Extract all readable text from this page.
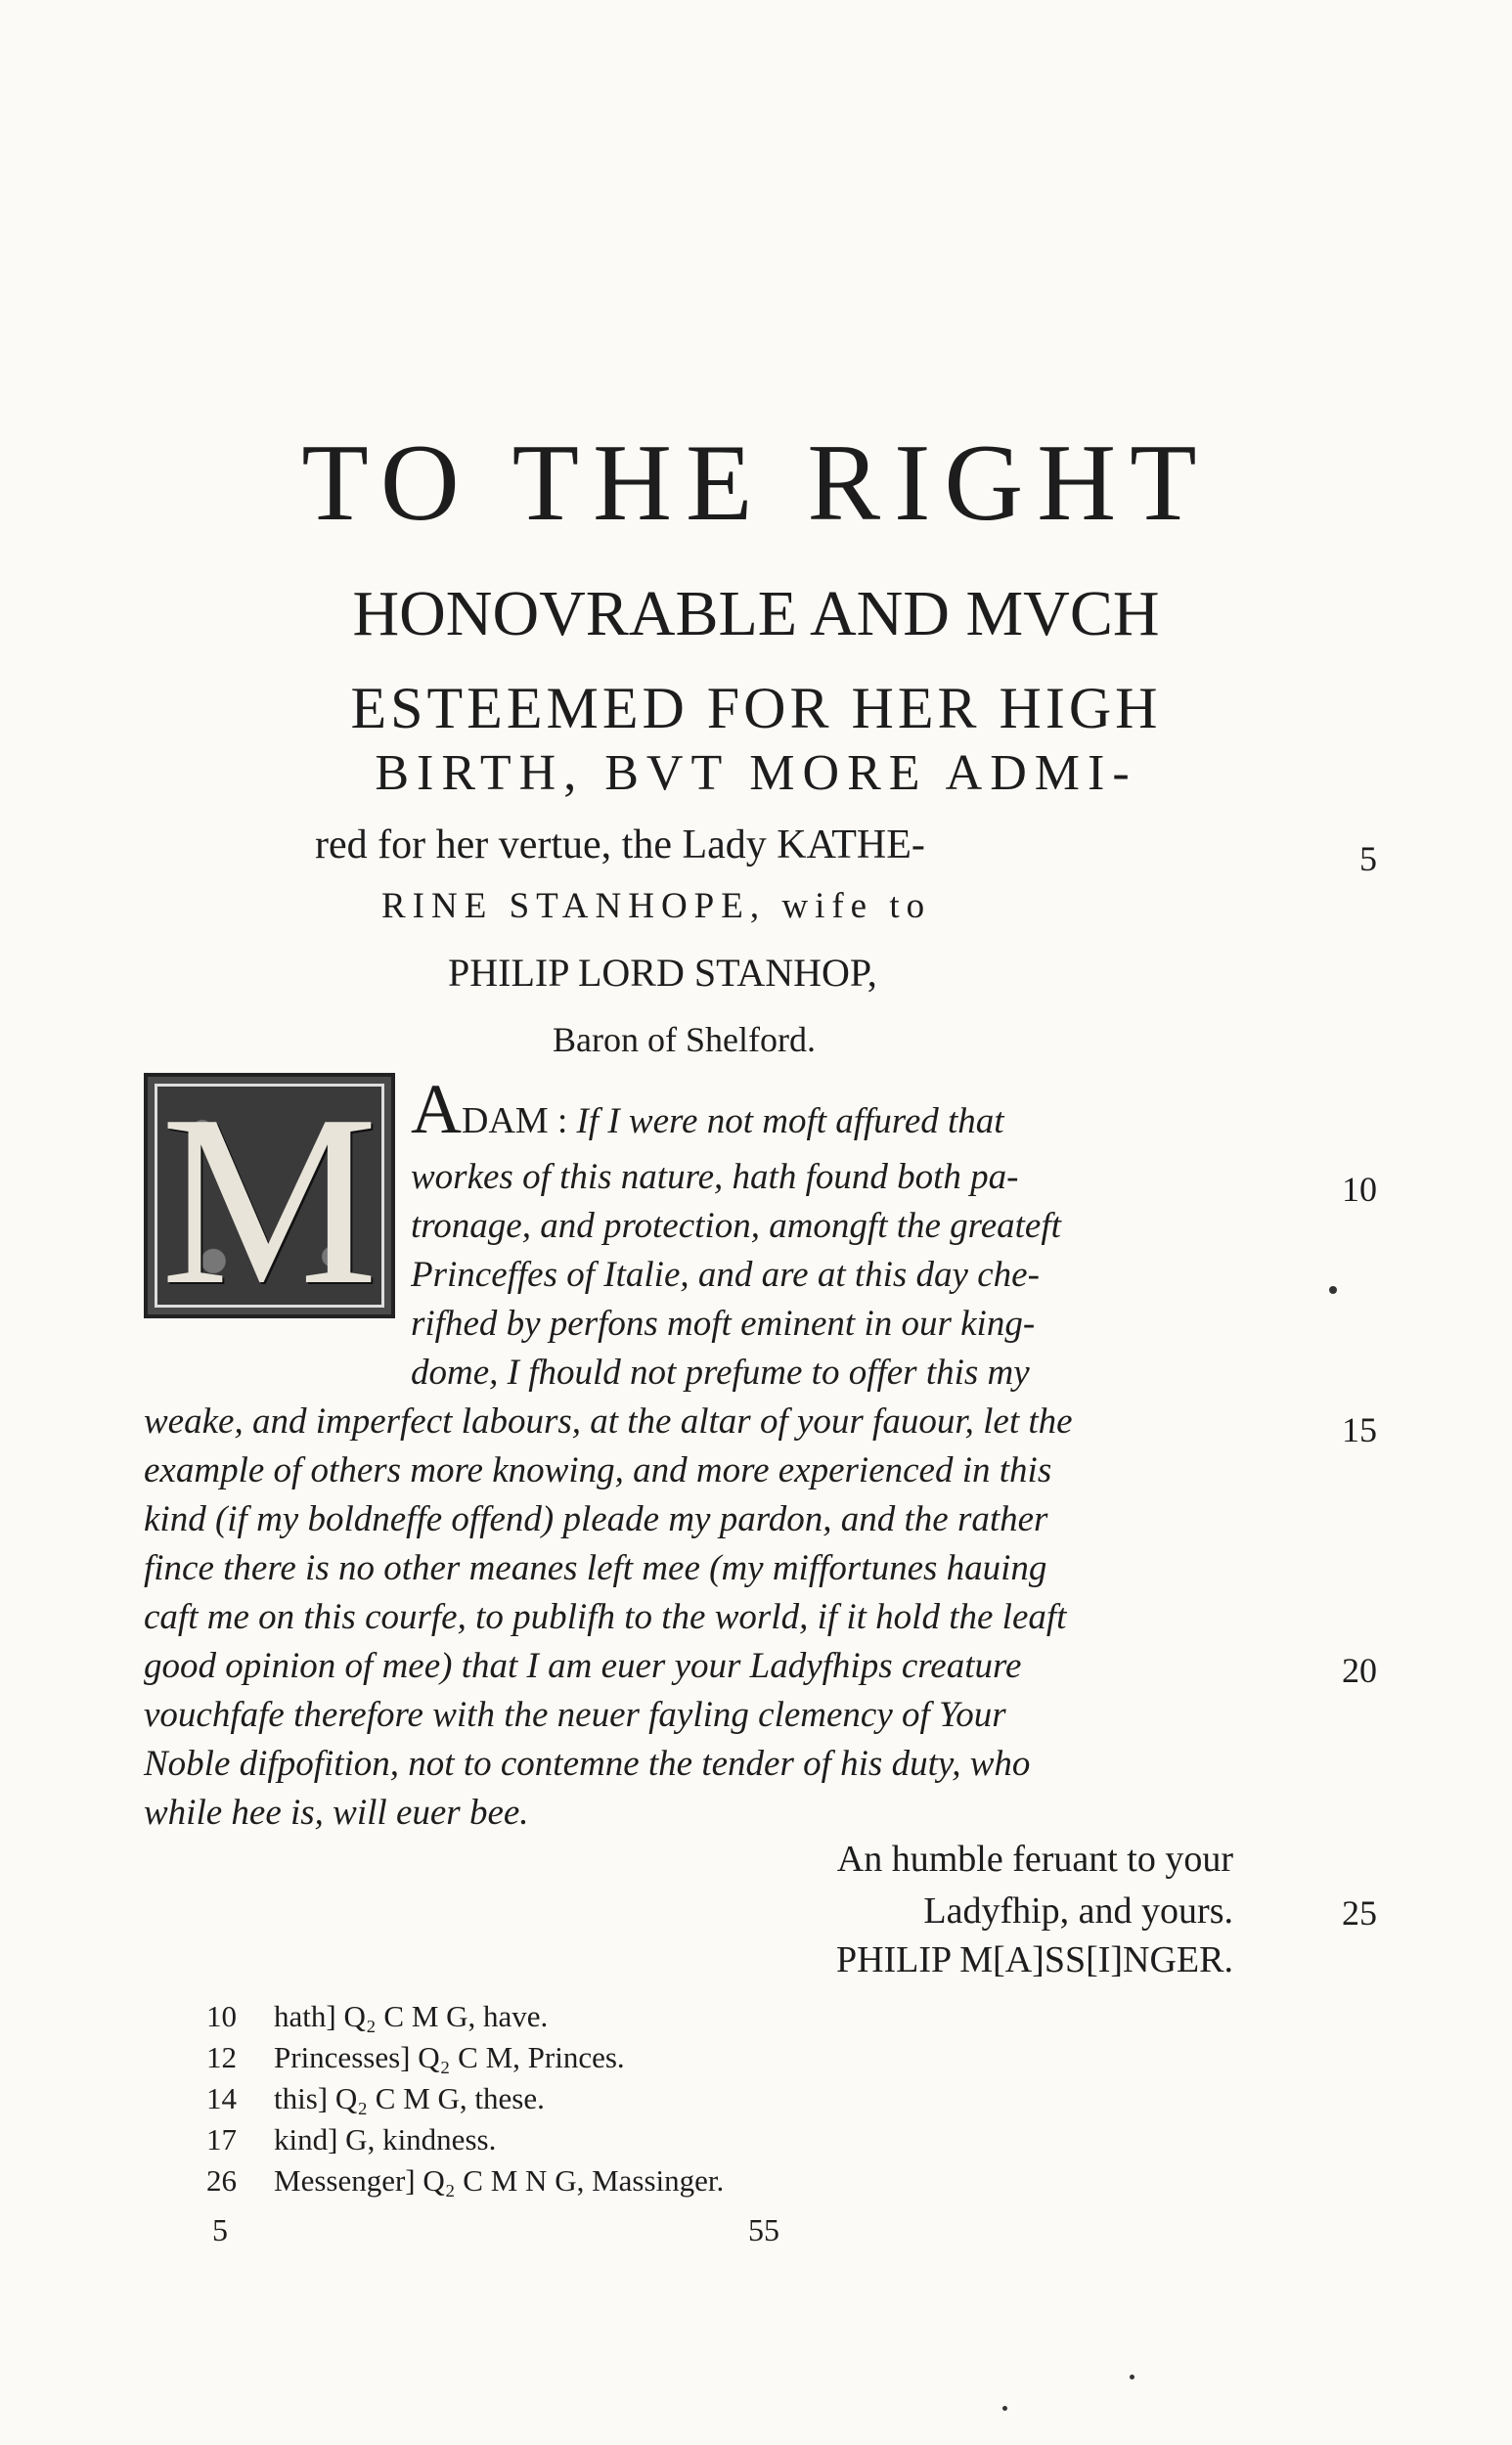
TO THE RIGHT
HONOVRABLE AND MVCH
ESTEEMED FOR HER HIGH
BIRTH, BVT MORE ADMI-
red for her vertue, the Lady KATHE-
RINE STANHOPE, wife to
PHILIP LORD STANHOP,
Baron of Shelford.
5
10
15
20
25
M ADAM : If I were not moft affured that
workes of this nature, hath found both pa-
tronage, and protection, amongft the greateft
Princeffes of Italie, and are at this day che-
rifhed by perfons moft eminent in our king-
dome, I fhould not prefume to offer this my
weake, and imperfect labours, at the altar of your fauour, let the
example of others more knowing, and more experienced in this
kind (if my boldneffe offend) pleade my pardon, and the rather
fince there is no other meanes left mee (my miffortunes hauing
caft me on this courfe, to publifh to the world, if it hold the leaft
good opinion of mee) that I am euer your Ladyfhips creature
vouchfafe therefore with the neuer fayling clemency of Your
Noble difpofition, not to contemne the tender of his duty, who
while hee is, will euer bee.
An humble feruant to your
Ladyfhip, and yours.
PHILIP M[A]SS[I]NGER.
10 hath] Q₂ C M G, have.
12 Princesses] Q₂ C M, Princes.
14 this] Q₂ C M G, these.
17 kind] G, kindness.
26 Messenger] Q₂ C M N G, Massinger.
5	55
